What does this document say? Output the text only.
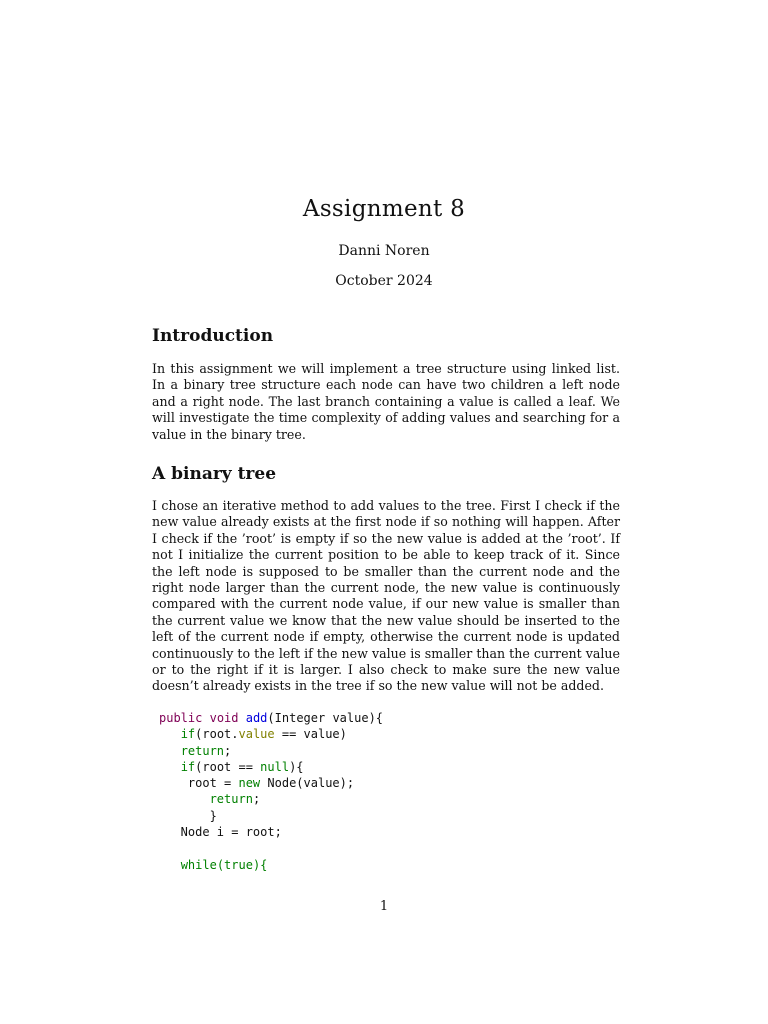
Assignment 8
Danni Noren
October 2024
Introduction

In this assignment we will implement a tree structure using linked list. In a binary tree structure each node can have two children a left node and a right node. The last branch containing a value is called a leaf. We will investigate the time complexity of adding values and searching for a value in the binary tree.

A binary tree

I chose an iterative method to add values to the tree. First I check if the new value already exists at the first node if so nothing will happen. After I check if the ’root’ is empty if so the new value is added at the ’root’. If not I initialize the current position to be able to keep track of it. Since the left node is supposed to be smaller than the current node and the right node larger than the current node, the new value is continuously compared with the current node value, if our new value is smaller than the current value we know that the new value should be inserted to the left of the current node if empty, otherwise the current node is updated continuously to the left if the new value is smaller than the current value or to the right if it is larger. I also check to make sure the new value doesn’t already exists in the tree if so the new value will not be added.

public void add(Integer value){
if(root.value == value)
return;
if(root == null){
root = new Node(value);
return;
}
Node i = root;
while(true){
1
